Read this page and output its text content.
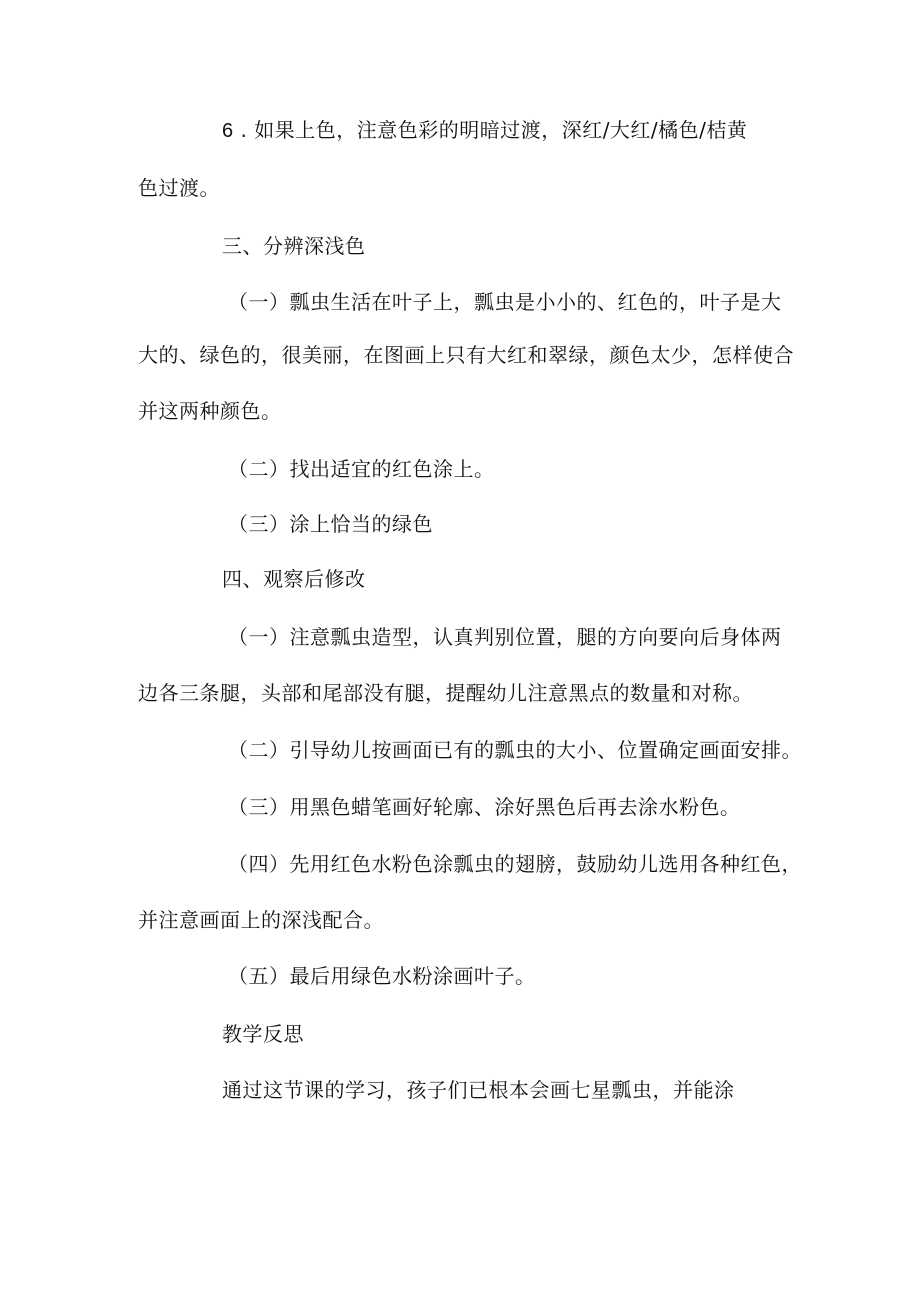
6 . 如果上色，注意色彩的明暗过渡，深红/大红/橘色/桔黄
色过渡。
三、分辨深浅色
（一）瓢虫生活在叶子上，瓢虫是小小的、红色的，叶子是大
大的、绿色的，很美丽，在图画上只有大红和翠绿，颜色太少，怎样使合
并这两种颜色。
（二）找出适宜的红色涂上。
（三）涂上恰当的绿色
四、观察后修改
（一）注意瓢虫造型，认真判别位置，腿的方向要向后身体两
边各三条腿，头部和尾部没有腿，提醒幼儿注意黑点的数量和对称。
（二）引导幼儿按画面已有的瓢虫的大小、位置确定画面安排。
（三）用黑色蜡笔画好轮廓、涂好黑色后再去涂水粉色。
（四）先用红色水粉色涂瓢虫的翅膀，鼓励幼儿选用各种红色，
并注意画面上的深浅配合。
（五）最后用绿色水粉涂画叶子。
教学反思
通过这节课的学习，孩子们已根本会画七星瓢虫，并能涂
